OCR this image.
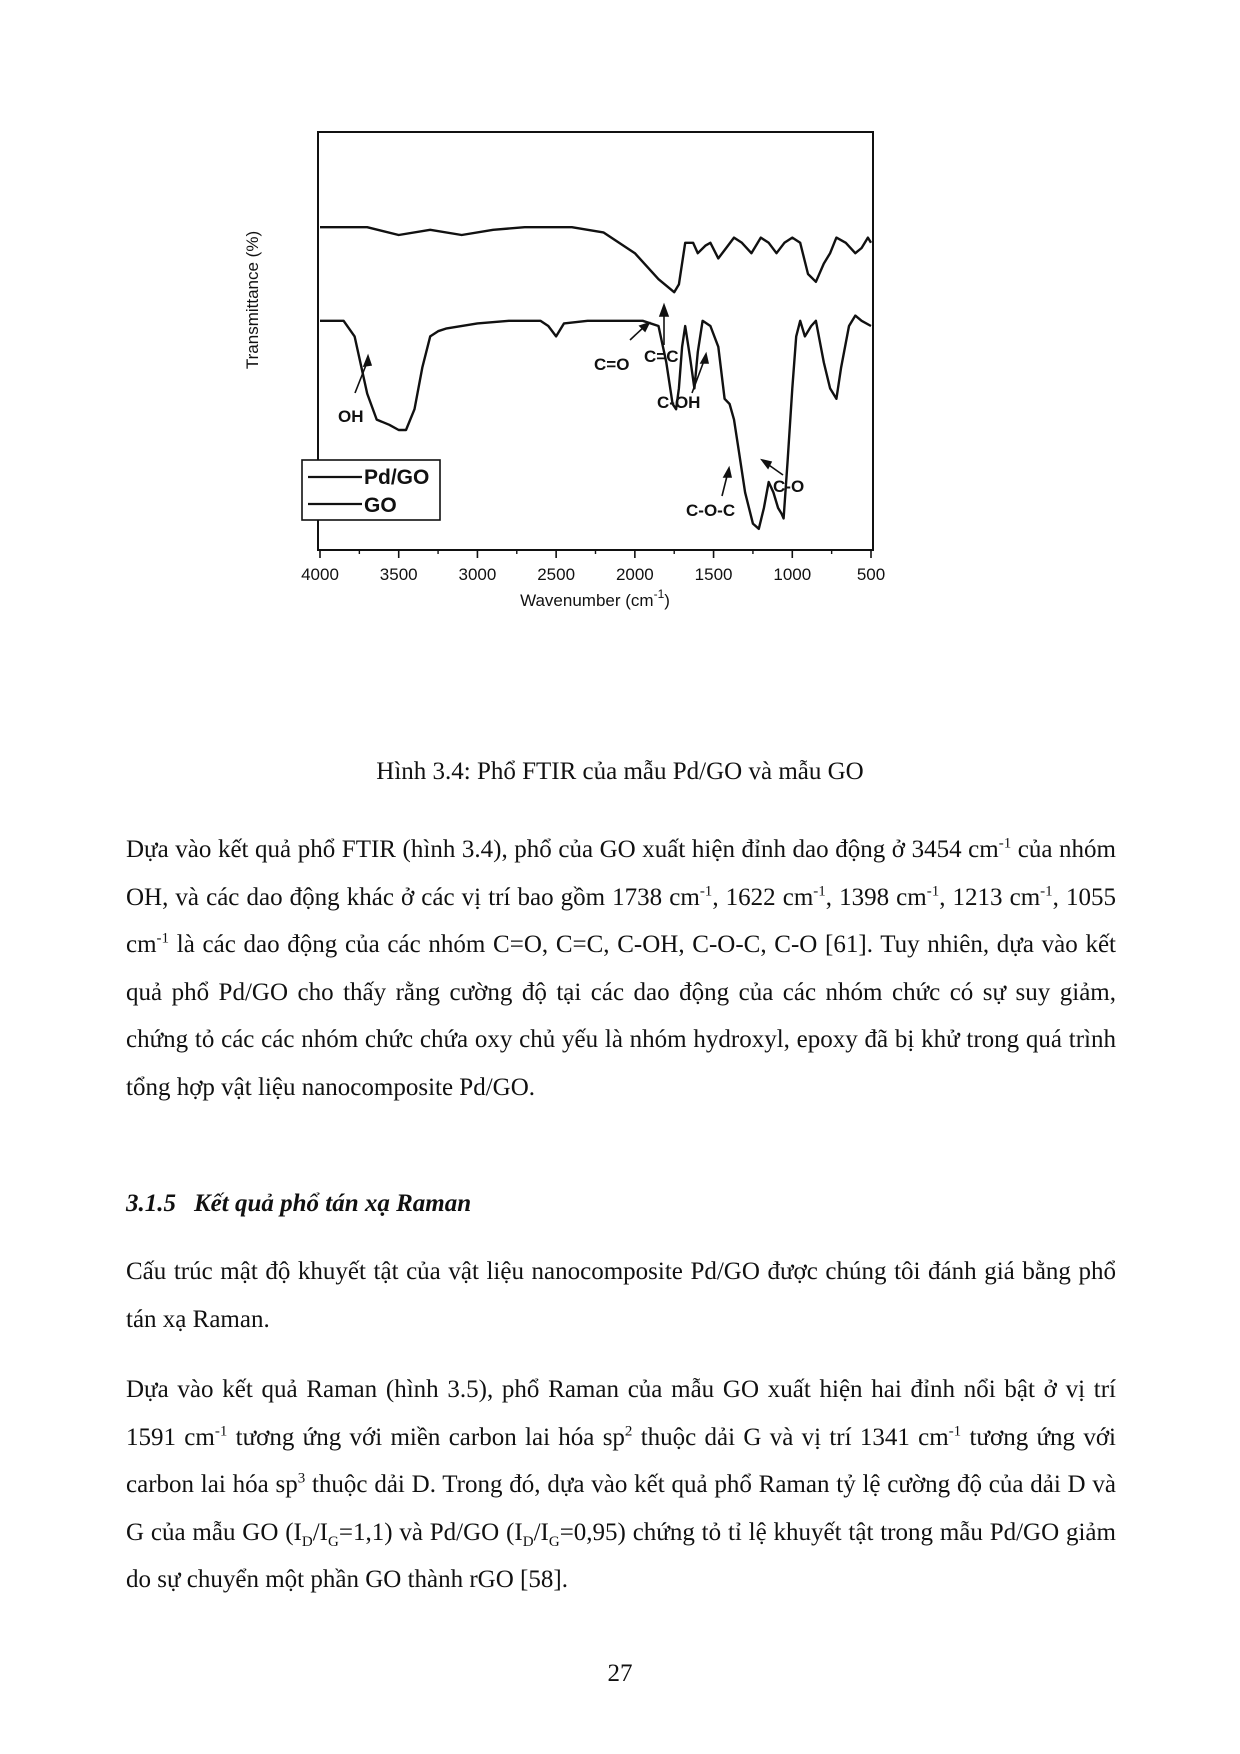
4000 3500 3000 2500 2000 1500 1000	500
Wavenumber $(cm^{-1})$
Transmittance (%)
OH
C=O C=C
C-OH
C-O-C
C-O
Pd/GO
GO
Hình 3.4: Phổ FTIR của mẫu Pd/GO và mẫu GO
Dựa vào kết quả phổ FTIR (hình 3.4), phổ của GO xuất hiện đỉnh dao động ở 3454 $cm^{-1}$ của nhóm OH, và các dao động khác ở các vị trí bao gồm 1738 $cm^{-1}$, 1622 $cm^{-1}$, 1398 $cm^{-1}$, 1213 $cm^{-1}$, 1055 $cm^{-1}$ là các dao động của các nhóm C=O, C=C, C-OH, C-O-C, C-O [61]. Tuy nhiên, dựa vào kết quả phổ Pd/GO cho thấy rằng cường độ tại các dao động của các nhóm chức có sự suy giảm, chứng tỏ các các nhóm chức chứa oxy chủ yếu là nhóm hydroxyl, epoxy đã bị khử trong quá trình tổng hợp vật liệu nanocomposite Pd/GO.
3.1.5 Kết quả phổ tán xạ Raman
Cấu trúc mật độ khuyết tật của vật liệu nanocomposite Pd/GO được chúng tôi đánh giá bằng phổ tán xạ Raman.
Dựa vào kết quả Raman (hình 3.5), phổ Raman của mẫu GO xuất hiện hai đỉnh nổi bật ở vị trí 1591 $cm^{-1}$ tương ứng với miền carbon lai hóa $sp^2$ thuộc dải G và vị trí 1341 $cm^{-1}$ tương ứng với carbon lai hóa $sp^3$ thuộc dải D. Trong đó, dựa vào kết quả phổ Raman tỷ lệ cường độ của dải D và G của mẫu GO $(I_D/I_G=1,1)$ và Pd/GO $(I_D/I_G=0,95)$ chứng tỏ tỉ lệ khuyết tật trong mẫu Pd/GO giảm do sự chuyển một phần GO thành rGO [58].
27
